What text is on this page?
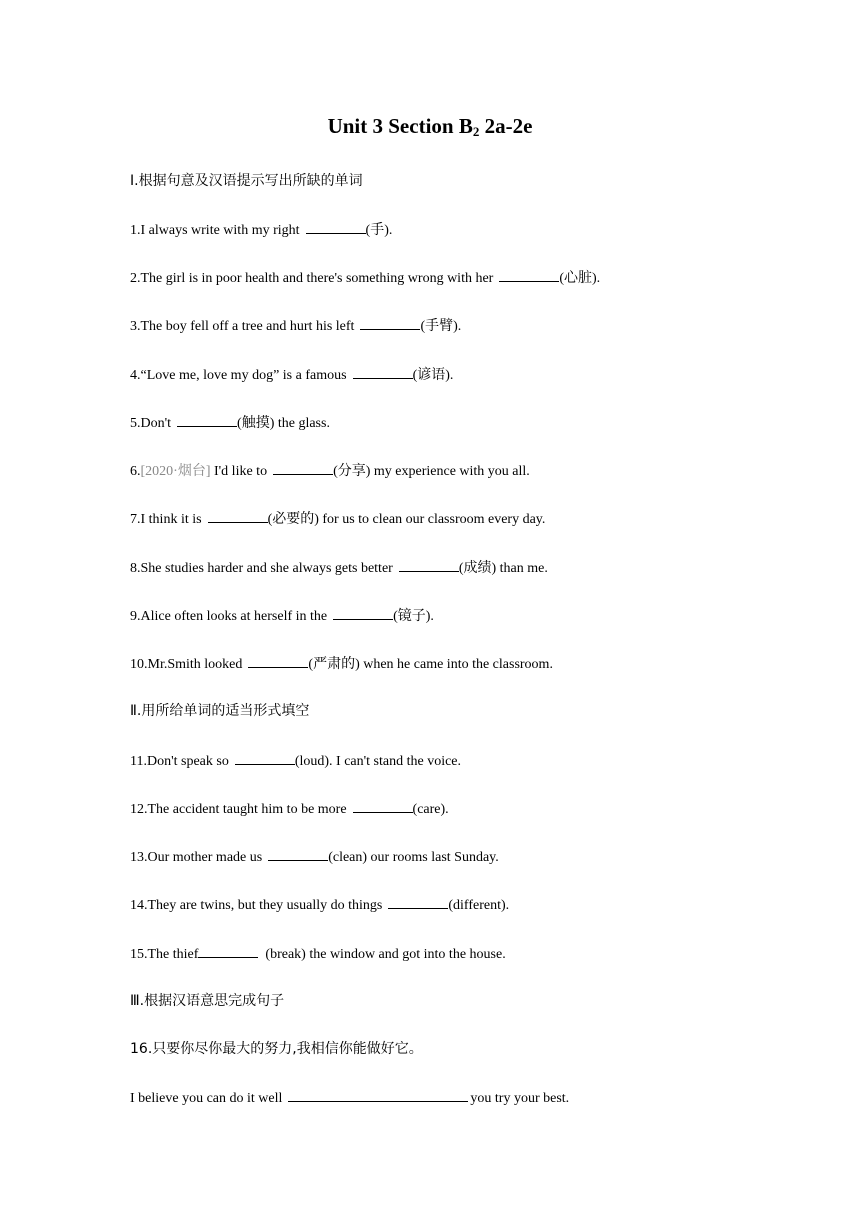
Unit 3 Section $B_2$ 2a-2e
Ⅰ.根据句意及汉语提示写出所缺的单词
1.I always write with my right	(手).
2.The girl is in poor health and there's something wrong with her	(心脏).
3.The boy fell off a tree and hurt his left	(手臂).
4.“Love me, love my dog” is a famous	(谚语).
5.Don't	(触摸) the glass.
6.[2020·烟台] I'd like to	(分享) my experience with you all.
7.I think it is	(必要的) for us to clean our classroom every day.
8.She studies harder and she always gets better	(成绩) than me.
9.Alice often looks at herself in the	(镜子).
10.Mr.Smith looked	(严肃的) when he came into the classroom.
Ⅱ.用所给单词的适当形式填空
11.Don't speak so	(loud). I can't stand the voice.
12.The accident taught him to be more	(care).
13.Our mother made us	(clean) our rooms last Sunday.
14.They are twins, but they usually do things	(different).
15.The thief	(break) the window and got into the house.
Ⅲ.根据汉语意思完成句子
16.只要你尽你最大的努力,我相信你能做好它。
I believe you can do it well	you try your best.
